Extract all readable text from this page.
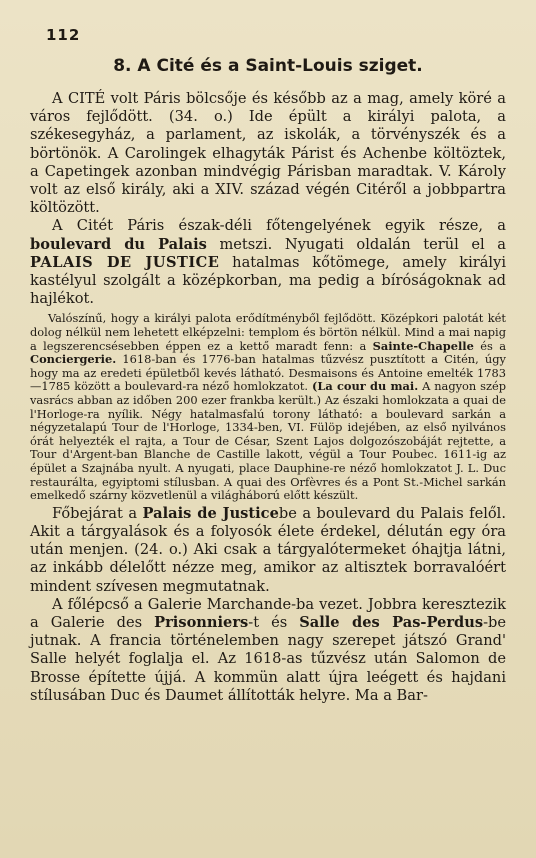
112
8. A Cité és a Saint-Louis sziget.

A CITÉ volt Páris bölcsője és később az a mag, amely köré a város fejlődött. (34. o.) Ide épült a királyi palota, a székesegyház, a parlament, az iskolák, a törvényszék és a börtönök. A Carolingek elhagyták Párist és Achenbe költöztek, a Capetingek azonban mindvégig Párisban maradtak. V. Károly volt az első király, aki a XIV. század végén Citéről a jobbpartra költözött.

A Citét Páris észak-déli főtengelyének egyik része, a boulevard du Palais metszi. Nyugati oldalán terül el a PALAIS DE JUSTICE hatalmas kőtömege, amely királyi kastélyul szolgált a középkorban, ma pedig a bíróságoknak ad hajlékot.

Valószínű, hogy a királyi palota erődítményből fejlődött. Középkori palotát két dolog nélkül nem lehetett elképzelni: templom és börtön nélkül. Mind a mai napig a legszerencsésebben éppen ez a kettő maradt fenn: a Sainte-Chapelle és a Conciergerie. 1618-ban és 1776-ban hatalmas tűzvész pusztított a Citén, úgy hogy ma az eredeti épületből kevés látható. Desmaisons és Antoine emelték 1783—1785 között a boulevard-ra néző homlokzatot. (La cour du mai. A nagyon szép vasrács abban az időben 200 ezer frankba került.) Az északi homlokzata a quai de l'Horloge-ra nyílik. Négy hatalmasfalú torony látható: a boulevard sarkán a négyzetalapú Tour de l'Horloge, 1334-ben, VI. Fülöp idejében, az első nyilvános órát helyezték el rajta, a Tour de César, Szent Lajos dolgozószobáját rejtette, a Tour d'Argent-ban Blanche de Castille lakott, végül a Tour Poubec. 1611-ig az épület a Szajnába nyult. A nyugati, place Dauphine-re néző homlokzatot J. L. Duc restaurálta, egyiptomi stílusban. A quai des Orfèvres és a Pont St.-Michel sarkán emelkedő szárny közvetlenül a világháború előtt készült.

Főbejárat a Palais de Justicebe a boulevard du Palais felől. Akit a tárgyalások és a folyosók élete érdekel, délután egy óra után menjen. (24. o.) Aki csak a tárgyalótermeket óhajtja látni, az inkább délelőtt nézze meg, amikor az altisztek borravalóért mindent szívesen megmutatnak.

A főlépcső a Galerie Marchande-ba vezet. Jobbra keresztezik a Galerie des Prisonniers-t és Salle des Pas-Perdus-be jutnak. A francia történelemben nagy szerepet játszó Grand' Salle helyét foglalja el. Az 1618-as tűzvész után Salomon de Brosse építette újjá. A kommün alatt újra leégett és hajdani stílusában Duc és Daumet állították helyre. Ma a Bar-
